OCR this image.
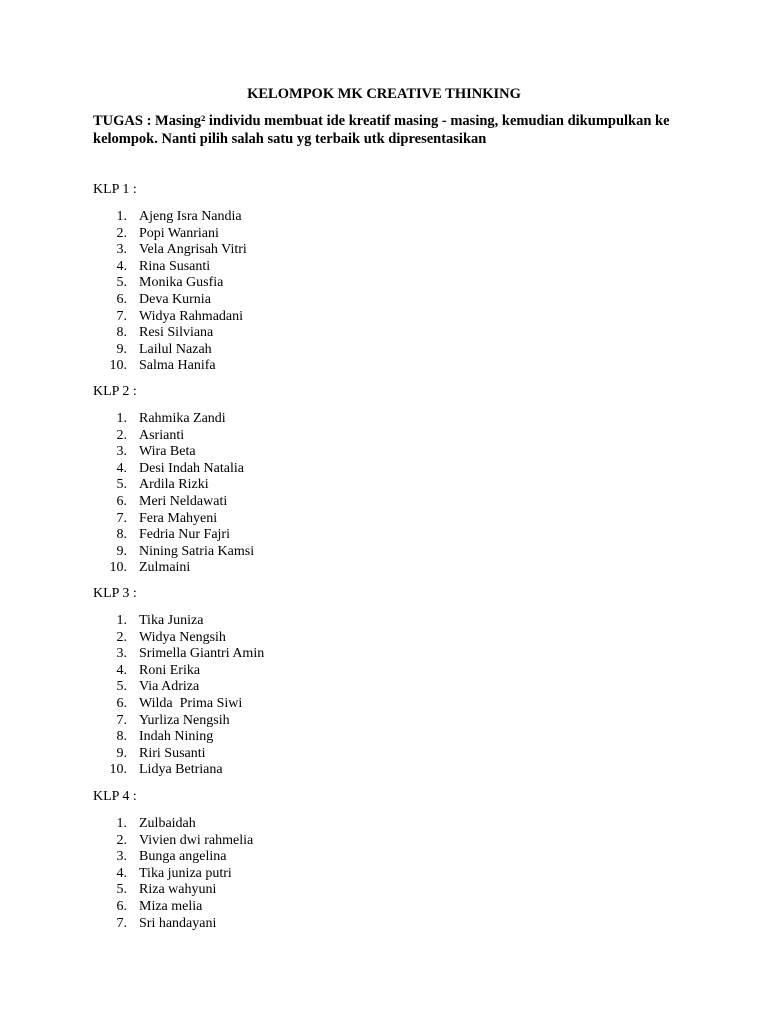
KELOMPOK MK CREATIVE THINKING
TUGAS : Masing² individu membuat ide kreatif masing - masing, kemudian dikumpulkan ke kelompok. Nanti pilih salah satu yg terbaik utk dipresentasikan
KLP 1 :
1. Ajeng Isra Nandia
2. Popi Wanriani
3. Vela Angrisah Vitri
4. Rina Susanti
5. Monika Gusfia
6. Deva Kurnia
7. Widya Rahmadani
8. Resi Silviana
9. Lailul Nazah
10. Salma Hanifa
KLP 2 :
1. Rahmika Zandi
2. Asrianti
3. Wira Beta
4. Desi Indah Natalia
5. Ardila Rizki
6. Meri Neldawati
7. Fera Mahyeni
8. Fedria Nur Fajri
9. Nining Satria Kamsi
10. Zulmaini
KLP 3 :
1. Tika Juniza
2. Widya Nengsih
3. Srimella Giantri Amin
4. Roni Erika
5. Via Adriza
6. Wilda  Prima Siwi
7. Yurliza Nengsih
8. Indah Nining
9. Riri Susanti
10. Lidya Betriana
KLP 4 :
1. Zulbaidah
2. Vivien dwi rahmelia
3. Bunga angelina
4. Tika juniza putri
5. Riza wahyuni
6. Miza melia
7. Sri handayani
